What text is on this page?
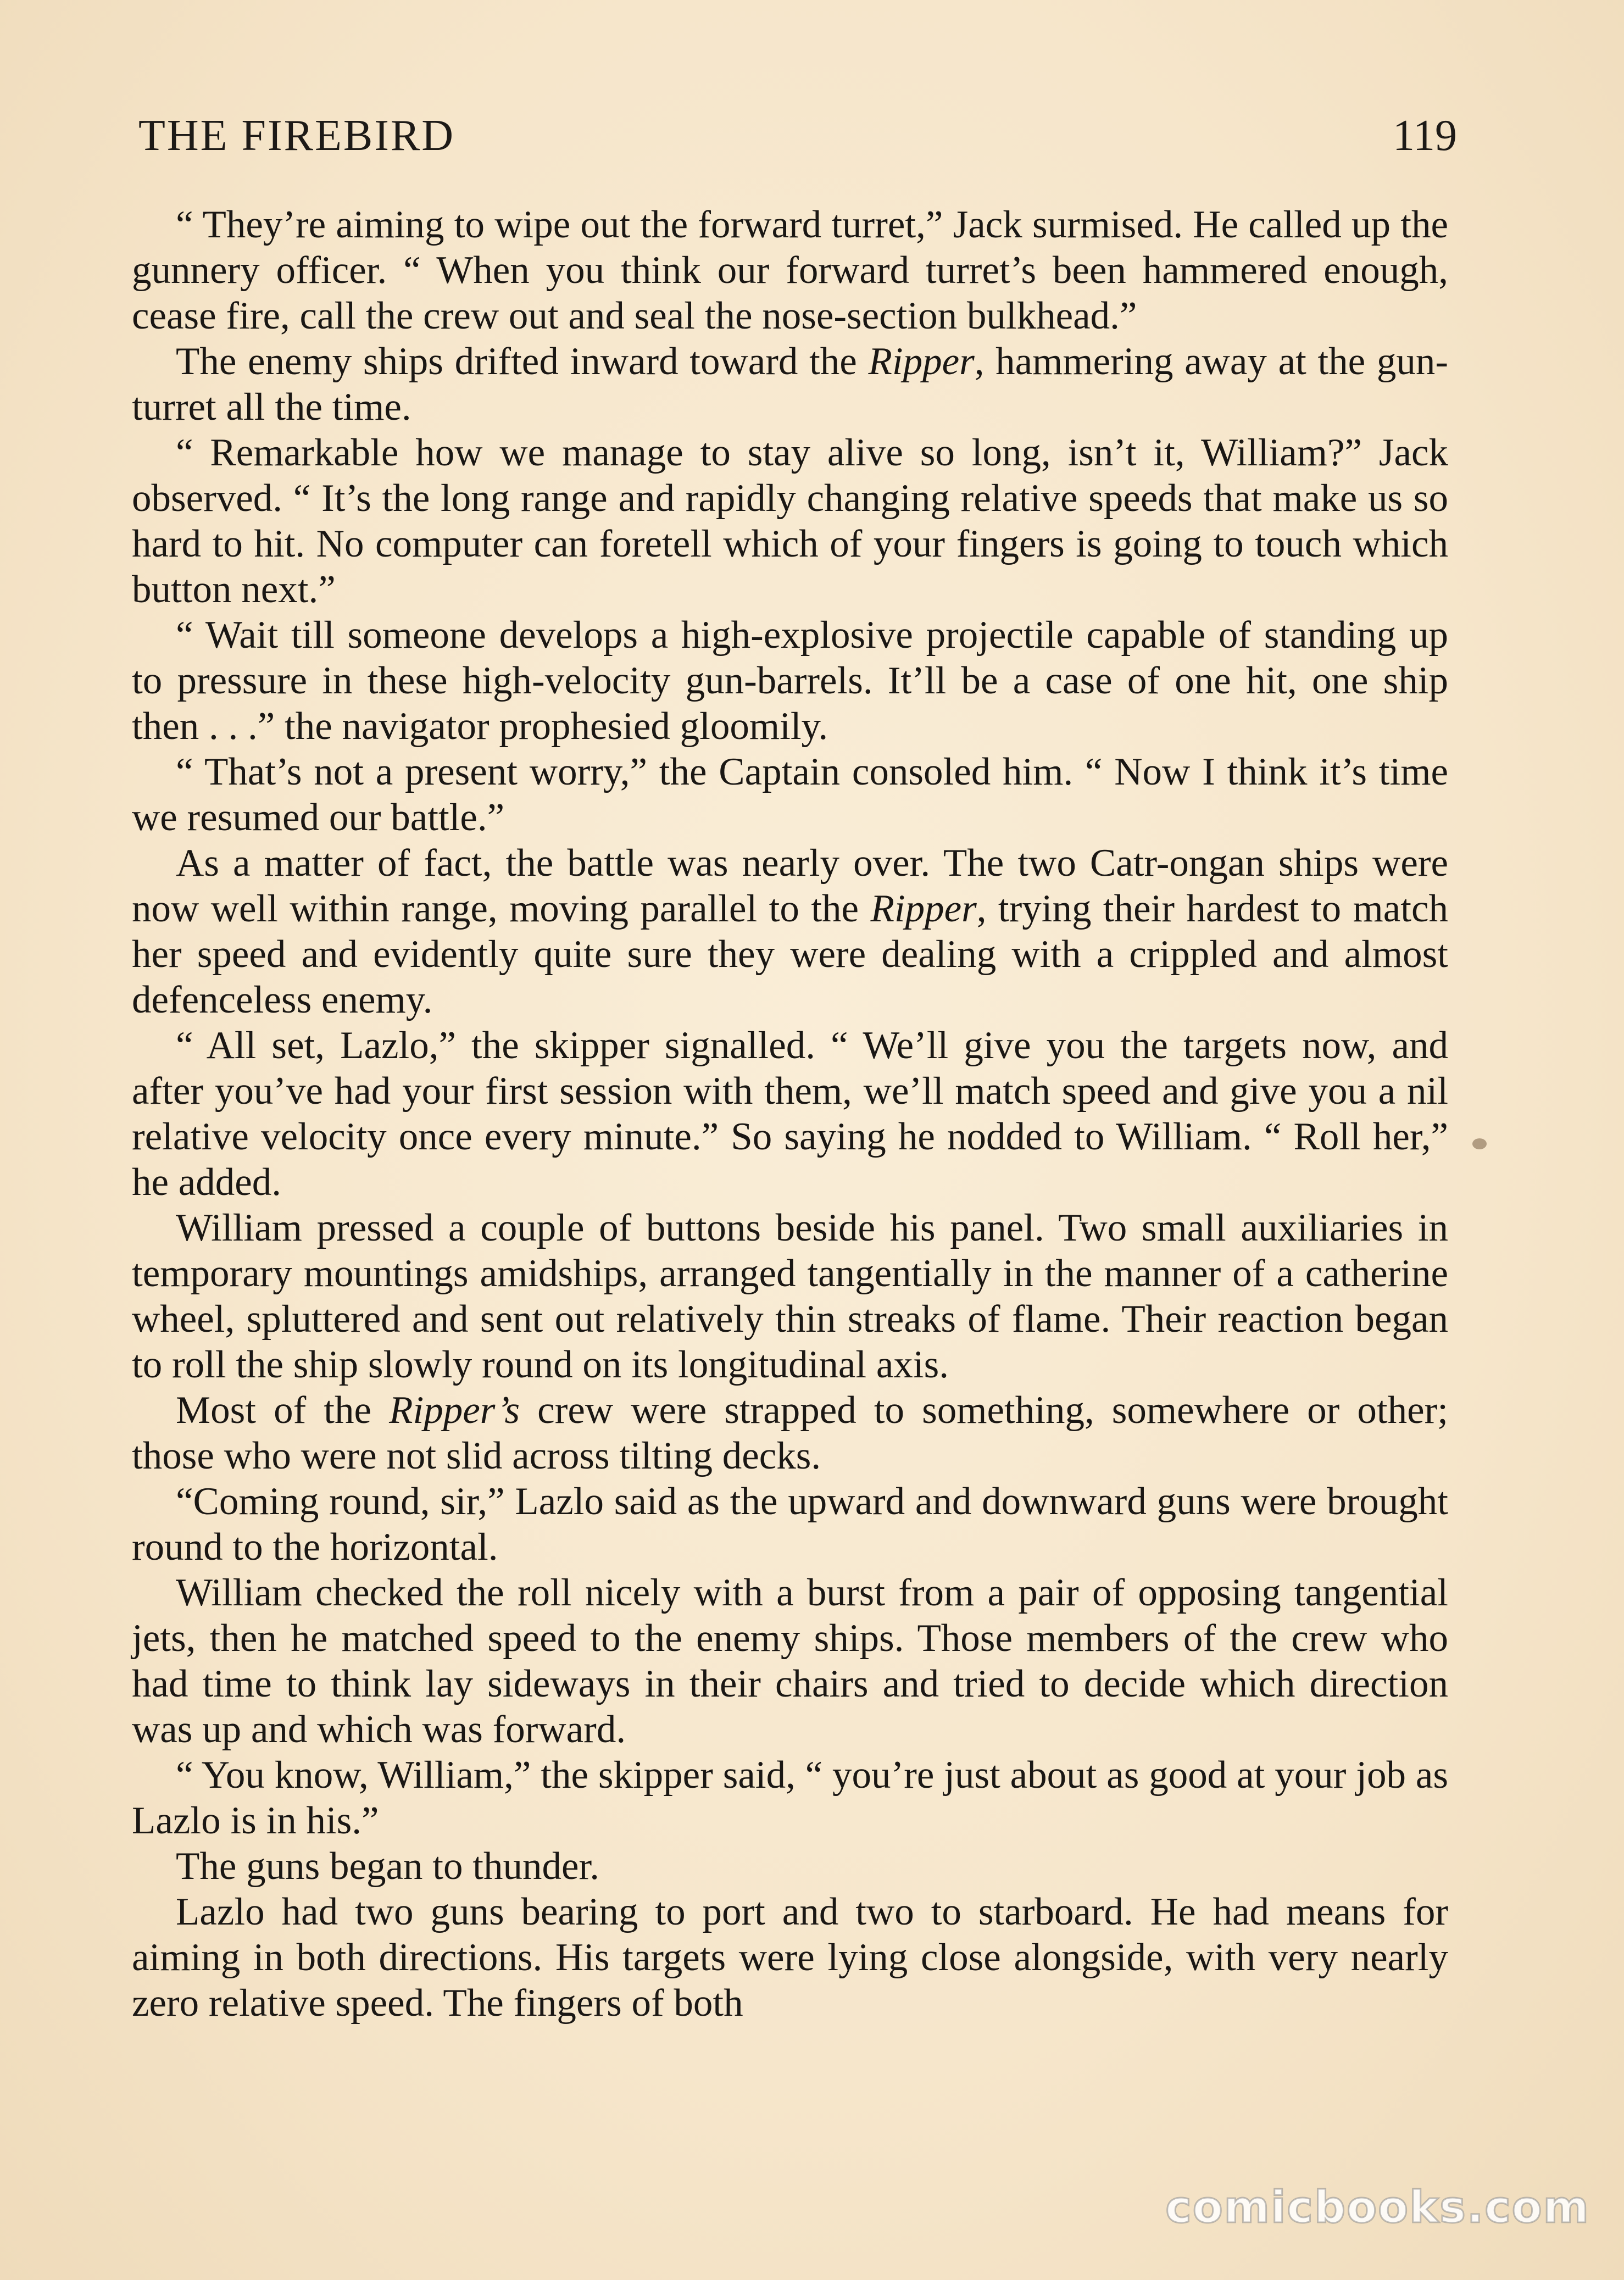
THE FIREBIRD	119

“ They’re aiming to wipe out the forward turret,” Jack surmised. He called up the gunnery officer. “ When you think our forward turret’s been hammered enough, cease fire, call the crew out and seal the nose-section bulkhead.”

The enemy ships drifted inward toward the Ripper, hammering away at the gun-turret all the time.

“ Remarkable how we manage to stay alive so long, isn’t it, William?” Jack observed. “ It’s the long range and rapidly changing relative speeds that make us so hard to hit. No computer can foretell which of your fingers is going to touch which button next.”

“ Wait till someone develops a high-explosive projectile capable of standing up to pressure in these high-velocity gun-barrels. It’ll be a case of one hit, one ship then . . .” the navigator prophesied gloomily.

“ That’s not a present worry,” the Captain consoled him. “ Now I think it’s time we resumed our battle.”

As a matter of fact, the battle was nearly over. The two Catr-ongan ships were now well within range, moving parallel to the Ripper, trying their hardest to match her speed and evidently quite sure they were dealing with a crippled and almost defenceless enemy.

“ All set, Lazlo,” the skipper signalled. “ We’ll give you the targets now, and after you’ve had your first session with them, we’ll match speed and give you a nil relative velocity once every minute.” So saying he nodded to William. “ Roll her,” he added.

William pressed a couple of buttons beside his panel. Two small auxiliaries in temporary mountings amidships, arranged tangentially in the manner of a catherine wheel, spluttered and sent out relatively thin streaks of flame. Their reaction began to roll the ship slowly round on its longitudinal axis.

Most of the Ripper’s crew were strapped to something, somewhere or other; those who were not slid across tilting decks.

“Coming round, sir,” Lazlo said as the upward and downward guns were brought round to the horizontal.

William checked the roll nicely with a burst from a pair of opposing tangential jets, then he matched speed to the enemy ships. Those members of the crew who had time to think lay sideways in their chairs and tried to decide which direction was up and which was forward.

“ You know, William,” the skipper said, “ you’re just about as good at your job as Lazlo is in his.”

The guns began to thunder.

Lazlo had two guns bearing to port and two to starboard. He had means for aiming in both directions. His targets were lying close alongside, with very nearly zero relative speed. The fingers of both

comicbooks.com
